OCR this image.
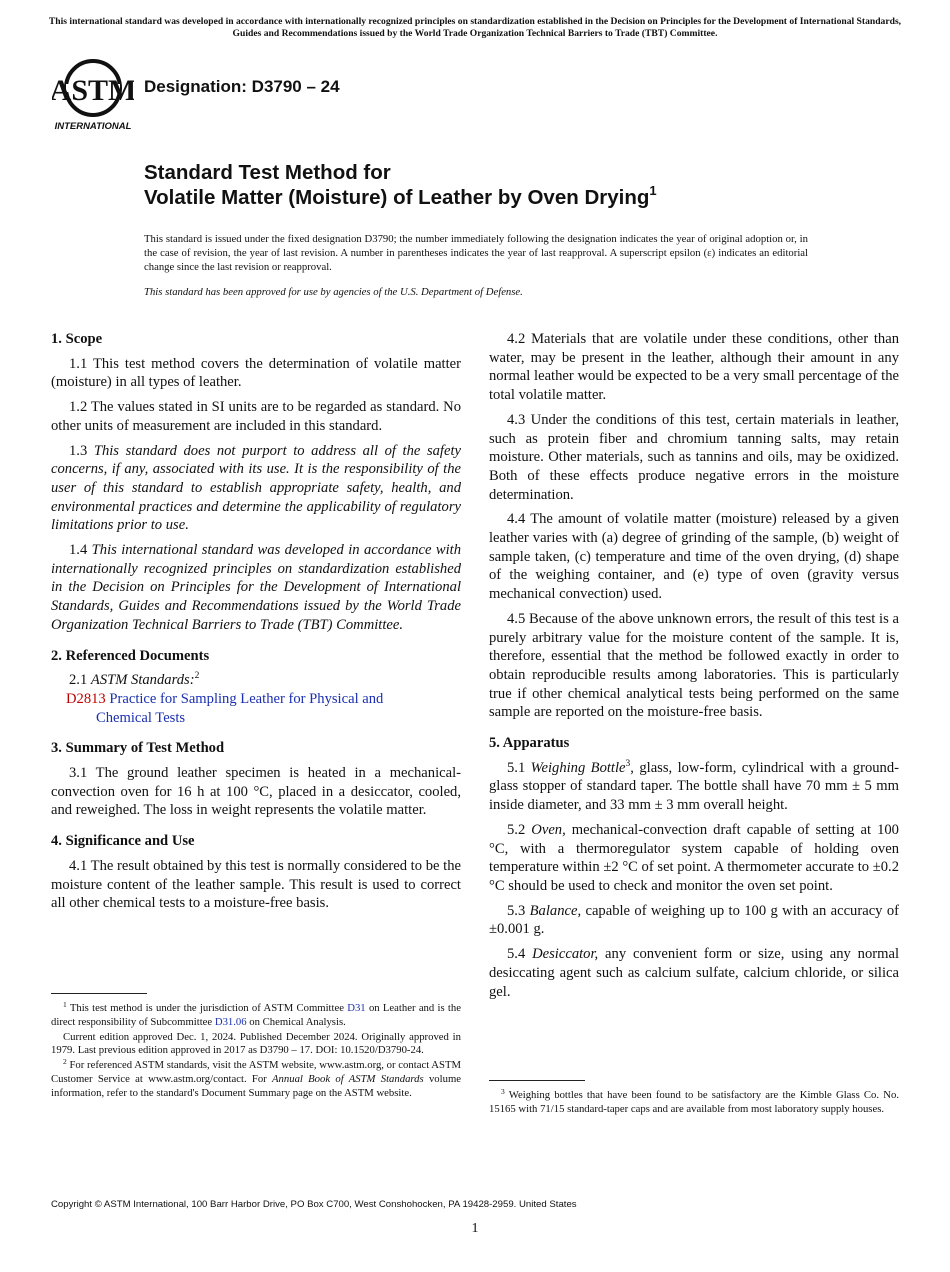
This international standard was developed in accordance with internationally recognized principles on standardization established in the Decision on Principles for the Development of International Standards, Guides and Recommendations issued by the World Trade Organization Technical Barriers to Trade (TBT) Committee.
ASTM
INTERNATIONAL
Designation: D3790 – 24
Standard Test Method for
Volatile Matter (Moisture) of Leather by Oven Drying$^1$

This standard is issued under the fixed designation D3790; the number immediately following the designation indicates the year of original adoption or, in the case of revision, the year of last revision. A number in parentheses indicates the year of last reapproval. A superscript epsilon (ε) indicates an editorial change since the last revision or reapproval.

This standard has been approved for use by agencies of the U.S. Department of Defense.

1. Scope

1.1 This test method covers the determination of volatile matter (moisture) in all types of leather.

1.2 The values stated in SI units are to be regarded as standard. No other units of measurement are included in this standard.

1.3 This standard does not purport to address all of the safety concerns, if any, associated with its use. It is the responsibility of the user of this standard to establish appropriate safety, health, and environmental practices and determine the applicability of regulatory limitations prior to use.

1.4 This international standard was developed in accordance with internationally recognized principles on standardization established in the Decision on Principles for the Development of International Standards, Guides and Recommendations issued by the World Trade Organization Technical Barriers to Trade (TBT) Committee.

2. Referenced Documents

2.1 ASTM Standards:$^2$

D2813 Practice for Sampling Leather for Physical and
Chemical Tests
3. Summary of Test Method

3.1 The ground leather specimen is heated in a mechanical-convection oven for 16 h at 100 °C, placed in a desiccator, cooled, and reweighed. The loss in weight represents the volatile matter.

4. Significance and Use

4.1 The result obtained by this test is normally considered to be the moisture content of the leather sample. This result is used to correct all other chemical tests to a moisture-free basis.

4.2 Materials that are volatile under these conditions, other than water, may be present in the leather, although their amount in any normal leather would be expected to be a very small percentage of the total volatile matter.

4.3 Under the conditions of this test, certain materials in leather, such as protein fiber and chromium tanning salts, may retain moisture. Other materials, such as tannins and oils, may be oxidized. Both of these effects produce negative errors in the moisture determination.

4.4 The amount of volatile matter (moisture) released by a given leather varies with (a) degree of grinding of the sample, (b) weight of sample taken, (c) temperature and time of the oven drying, (d) shape of the weighing container, and (e) type of oven (gravity versus mechanical convection) used.

4.5 Because of the above unknown errors, the result of this test is a purely arbitrary value for the moisture content of the sample. It is, therefore, essential that the method be followed exactly in order to obtain reproducible results among laboratories. This is particularly true if other chemical analytical tests being performed on the same sample are reported on the moisture-free basis.

5. Apparatus

5.1 Weighing Bottle$^3$, glass, low-form, cylindrical with a ground-glass stopper of standard taper. The bottle shall have 70 mm ± 5 mm inside diameter, and 33 mm ± 3 mm overall height.

5.2 Oven, mechanical-convection draft capable of setting at 100 °C, with a thermoregulator system capable of holding oven temperature within ±2 °C of set point. A thermometer accurate to ±0.2 °C should be used to check and monitor the oven set point.

5.3 Balance, capable of weighing up to 100 g with an accuracy of ±0.001 g.

5.4 Desiccator, any convenient form or size, using any normal desiccating agent such as calcium sulfate, calcium chloride, or silica gel.

$^1$ This test method is under the jurisdiction of ASTM Committee D31 on Leather and is the direct responsibility of Subcommittee D31.06 on Chemical Analysis.

Current edition approved Dec. 1, 2024. Published December 2024. Originally approved in 1979. Last previous edition approved in 2017 as D3790 – 17. DOI: 10.1520/D3790-24.

$^2$ For referenced ASTM standards, visit the ASTM website, www.astm.org, or contact ASTM Customer Service at www.astm.org/contact. For Annual Book of ASTM Standards volume information, refer to the standard's Document Summary page on the ASTM website.	$^3$ Weighing bottles that have been found to be satisfactory are the Kimble Glass Co. No. 15165 with 71/15 standard-taper caps and are available from most laboratory supply houses.

Copyright © ASTM International, 100 Barr Harbor Drive, PO Box C700, West Conshohocken, PA 19428-2959. United States
1
